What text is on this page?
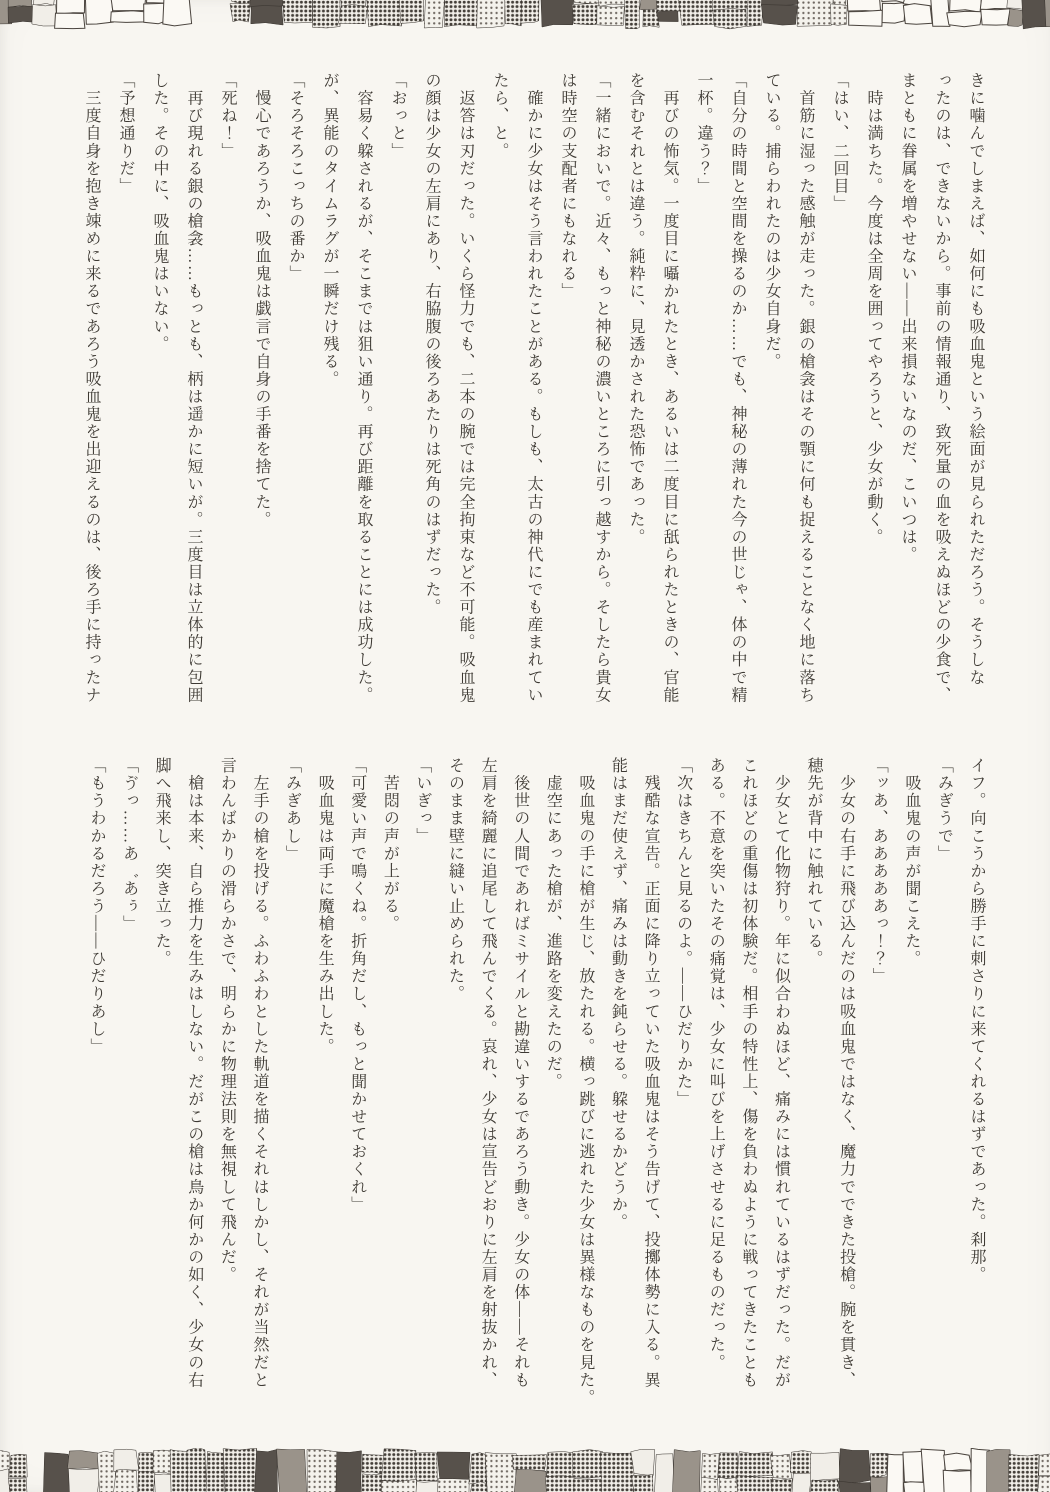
きに噛んでしまえば、如何にも吸血鬼という絵面が見られただろう。そうしな
ったのは、できないから。事前の情報通り、致死量の血を吸えぬほどの少食で、
まともに眷属を増やせない――出来損ないなのだ、こいつは。
　時は満ちた。今度は全周を囲ってやろうと、少女が動く。
「はい、二回目」
　首筋に湿った感触が走った。銀の槍衾はその顎に何も捉えることなく地に落ち
ている。捕らわれたのは少女自身だ。
「自分の時間と空間を操るのか……でも、神秘の薄れた今の世じゃ、体の中で精
一杯。違う？」
　再びの怖気。一度目に囁かれたとき、あるいは二度目に舐られたときの、官能
を含むそれとは違う。純粋に、見透かされた恐怖であった。
「一緒においで。近々、もっと神秘の濃いところに引っ越すから。そしたら貴女
は時空の支配者にもなれる」
　確かに少女はそう言われたことがある。もしも、太古の神代にでも産まれてい
たら、と。
　返答は刃だった。いくら怪力でも、二本の腕では完全拘束など不可能。吸血鬼
の顔は少女の左肩にあり、右脇腹の後ろあたりは死角のはずだった。
「おっと」
　容易く躱されるが、そこまでは狙い通り。再び距離を取ることには成功した。
が、異能のタイムラグが一瞬だけ残る。
「そろそろこっちの番か」
　慢心であろうか、吸血鬼は戯言で自身の手番を捨てた。
「死ね！」
　再び現れる銀の槍衾……もっとも、柄は遥かに短いが。三度目は立体的に包囲
した。その中に、吸血鬼はいない。
「予想通りだ」
　三度自身を抱き竦めに来るであろう吸血鬼を出迎えるのは、後ろ手に持ったナ
イフ。向こうから勝手に刺さりに来てくれるはずであった。刹那。
「みぎうで」
　吸血鬼の声が聞こえた。
「ッあ、あああああっ！？」
　少女の右手に飛び込んだのは吸血鬼ではなく、魔力でできた投槍。腕を貫き、
穂先が背中に触れている。
　少女とて化物狩り。年に似合わぬほど、痛みには慣れているはずだった。だが
これほどの重傷は初体験だ。相手の特性上、傷を負わぬように戦ってきたことも
ある。不意を突いたその痛覚は、少女に叫びを上げさせるに足るものだった。
「次はきちんと見るのよ。――ひだりかた」
　残酷な宣告。正面に降り立っていた吸血鬼はそう告げて、投擲体勢に入る。異
能はまだ使えず、痛みは動きを鈍らせる。躱せるかどうか。
　吸血鬼の手に槍が生じ、放たれる。横っ跳びに逃れた少女は異様なものを見た。
　虚空にあった槍が、進路を変えたのだ。
　後世の人間であればミサイルと勘違いするであろう動き。少女の体――それも
左肩を綺麗に追尾して飛んでくる。哀れ、少女は宣告どおりに左肩を射抜かれ、
そのまま壁に縫い止められた。
「いぎっ」
　苦悶の声が上がる。
「可愛い声で鳴くね。折角だし、もっと聞かせておくれ」
　吸血鬼は両手に魔槍を生み出した。
「みぎあし」
　左手の槍を投げる。ふわふわとした軌道を描くそれはしかし、それが当然だと
言わんばかりの滑らかさで、明らかに物理法則を無視して飛んだ。
　槍は本来、自ら推力を生みはしない。だがこの槍は鳥か何かの如く、少女の右
脚へ飛来し、突き立った。
「ゔっ……あ゛あぅ」
「もうわかるだろう――ひだりあし」
